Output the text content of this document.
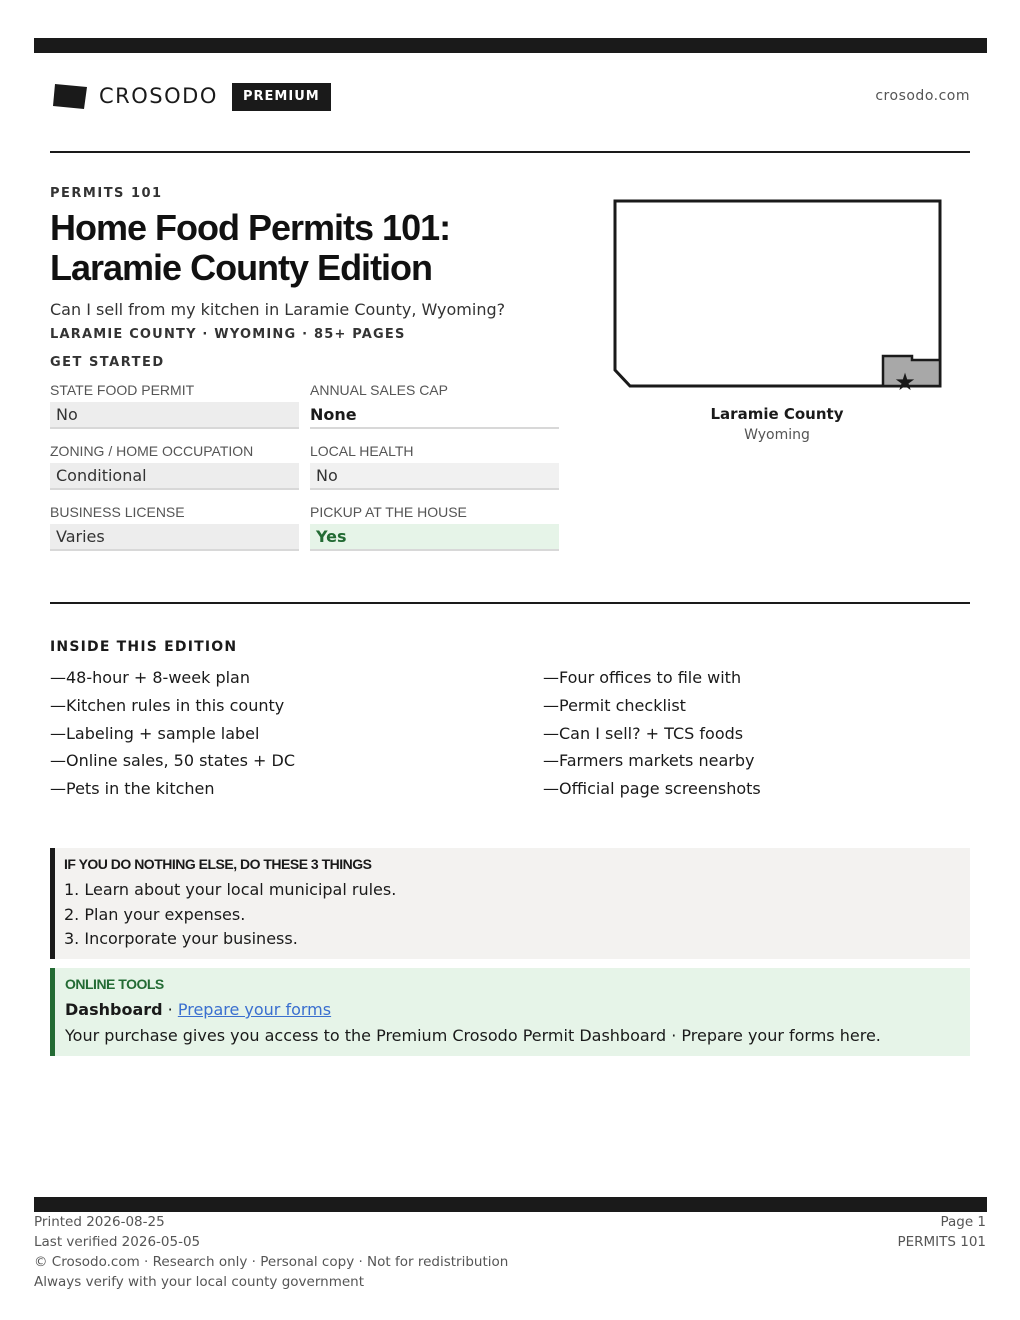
CROSODO	PREMIUM	crosodo.com
PERMITS 101
Home Food Permits 101: Laramie County Edition
Can I sell from my kitchen in Laramie County, Wyoming?
LARAMIE COUNTY · WYOMING · 85+ PAGES
GET STARTED
STATE FOOD PERMIT
No
ANNUAL SALES CAP
None
ZONING / HOME OCCUPATION
Conditional
LOCAL HEALTH
No
BUSINESS LICENSE
Varies
PICKUP AT THE HOUSE
Yes
★
Laramie County
Wyoming
INSIDE THIS EDITION
—48-hour + 8-week plan
—Kitchen rules in this county
—Labeling + sample label
—Online sales, 50 states + DC
—Pets in the kitchen
—Four offices to file with
—Permit checklist
—Can I sell? + TCS foods
—Farmers markets nearby
—Official page screenshots
IF YOU DO NOTHING ELSE, DO THESE 3 THINGS
1. Learn about your local municipal rules.
2. Plan your expenses.
3. Incorporate your business.
ONLINE TOOLS
Dashboard · Prepare your forms
Your purchase gives you access to the Premium Crosodo Permit Dashboard · Prepare your forms here.
Printed 2026-08-25
Last verified 2026-05-05
© Crosodo.com · Research only · Personal copy · Not for redistribution
Always verify with your local county government
Page 1
PERMITS 101
